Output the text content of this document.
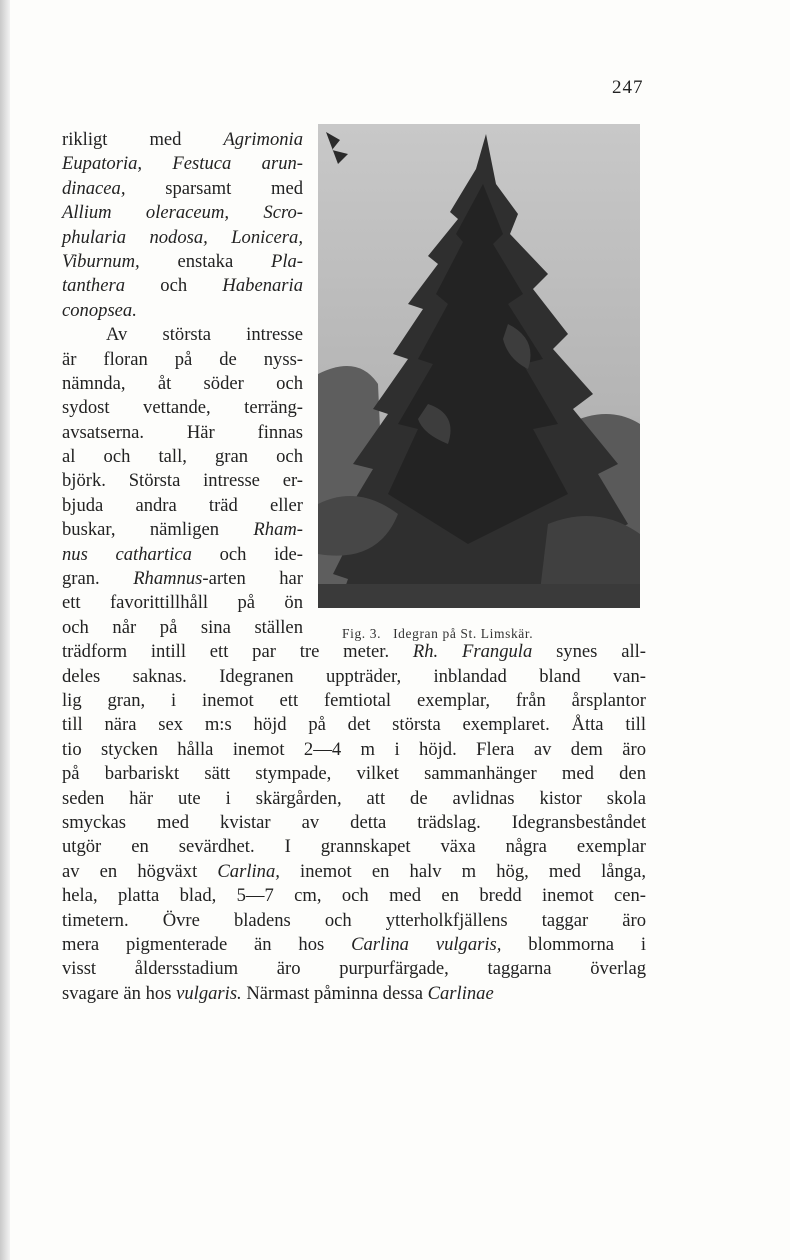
247
Fig. 3. Idegran på St. Limskär.
rikligt med Agrimonia
Eupatoria, Festuca arun-
dinacea, sparsamt med
Allium oleraceum, Scro-
phularia nodosa, Lonicera,
Viburnum, enstaka Pla-
tanthera och Habenaria
conopsea.
Av största intresse
är floran på de nyss-
nämnda, åt söder och
sydost vettande, terräng-
avsatserna. Här finnas
al och tall, gran och
björk. Största intresse er-
bjuda andra träd eller
buskar, nämligen Rham-
nus cathartica och ide-
gran. Rhamnus-arten har
ett favorittillhåll på ön
och når på sina ställen
trädform intill ett par tre meter. Rh. Frangula synes all-
deles saknas. Idegranen uppträder, inblandad bland van-
lig gran, i inemot ett femtiotal exemplar, från årsplantor
till nära sex m:s höjd på det största exemplaret. Åtta till
tio stycken hålla inemot 2—4 m i höjd. Flera av dem äro
på barbariskt sätt stympade, vilket sammanhänger med den
seden här ute i skärgården, att de avlidnas kistor skola
smyckas med kvistar av detta trädslag. Idegransbeståndet
utgör en sevärdhet. I grannskapet växa några exemplar
av en högväxt Carlina, inemot en halv m hög, med långa,
hela, platta blad, 5—7 cm, och med en bredd inemot cen-
timetern. Övre bladens och ytterholkfjällens taggar äro
mera pigmenterade än hos Carlina vulgaris, blommorna i
visst åldersstadium äro purpurfärgade, taggarna överlag
svagare än hos vulgaris. Närmast påminna dessa Carlinae
